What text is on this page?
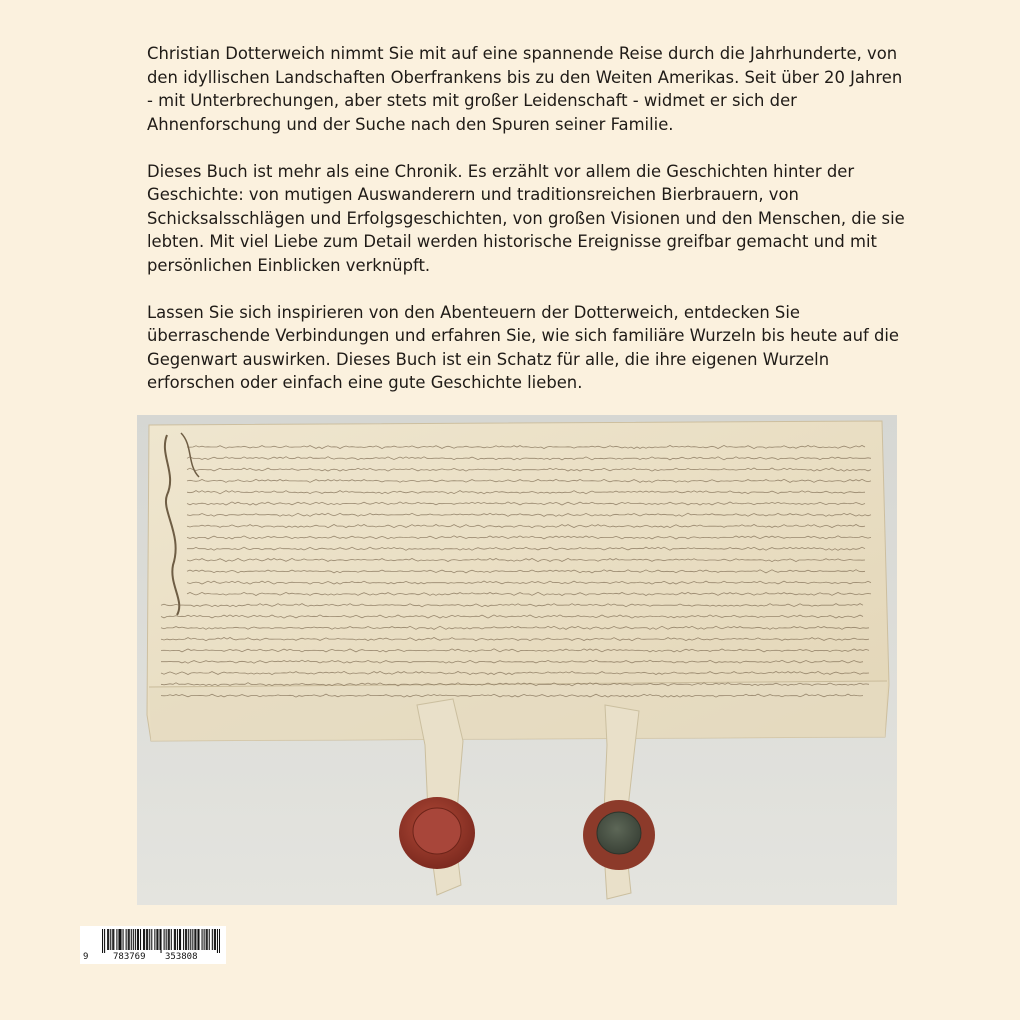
Christian Dotterweich nimmt Sie mit auf eine spannende Reise durch die Jahrhunderte, von den idyllischen Landschaften Oberfrankens bis zu den Weiten Amerikas. Seit über 20 Jahren - mit Unterbrechungen, aber stets mit großer Leidenschaft - widmet er sich der Ahnenforschung und der Suche nach den Spuren seiner Familie.

Dieses Buch ist mehr als eine Chronik. Es erzählt vor allem die Geschichten hinter der Geschichte: von mutigen Auswanderern und traditionsreichen Bierbrauern, von Schicksalsschlägen und Erfolgsgeschichten, von großen Visionen und den Menschen, die sie lebten. Mit viel Liebe zum Detail werden historische Ereignisse greifbar gemacht und mit persönlichen Einblicken verknüpft.

Lassen Sie sich inspirieren von den Abenteuern der Dotterweich, entdecken Sie überraschende Verbindungen und erfahren Sie, wie sich familiäre Wurzeln bis heute auf die Gegenwart auswirken. Dieses Buch ist ein Schatz für alle, die ihre eigenen Wurzeln erforschen oder einfach eine gute Geschichte lieben.

9	783769 353808
